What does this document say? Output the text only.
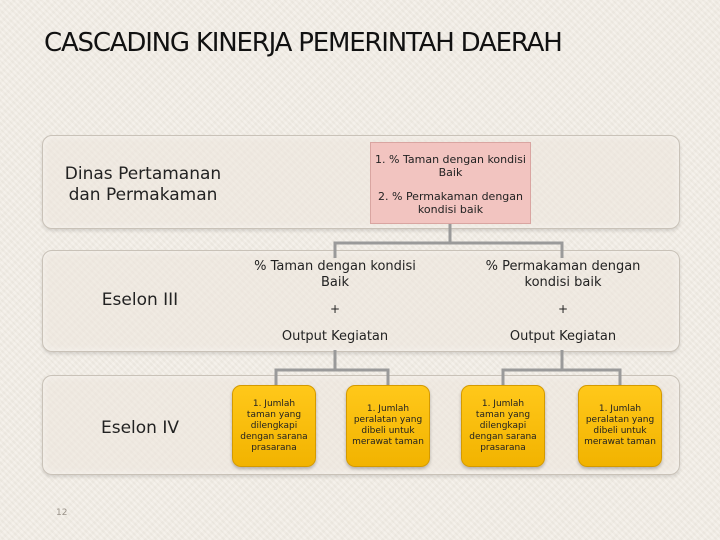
CASCADING KINERJA PEMERINTAH DAERAH
Dinas Pertamanan dan Permakaman
Eselon III
Eselon IV
1. % Taman dengan kondisi Baik
2. % Permakaman dengan kondisi baik
% Taman dengan kondisi Baik
+
Output Kegiatan
% Permakaman dengan kondisi baik
+
Output Kegiatan
1. Jumlah taman yang dilengkapi dengan sarana prasarana
1. Jumlah peralatan yang dibeli untuk merawat taman
1. Jumlah taman yang dilengkapi dengan sarana prasarana
1. Jumlah peralatan yang dibeli untuk merawat taman
12
